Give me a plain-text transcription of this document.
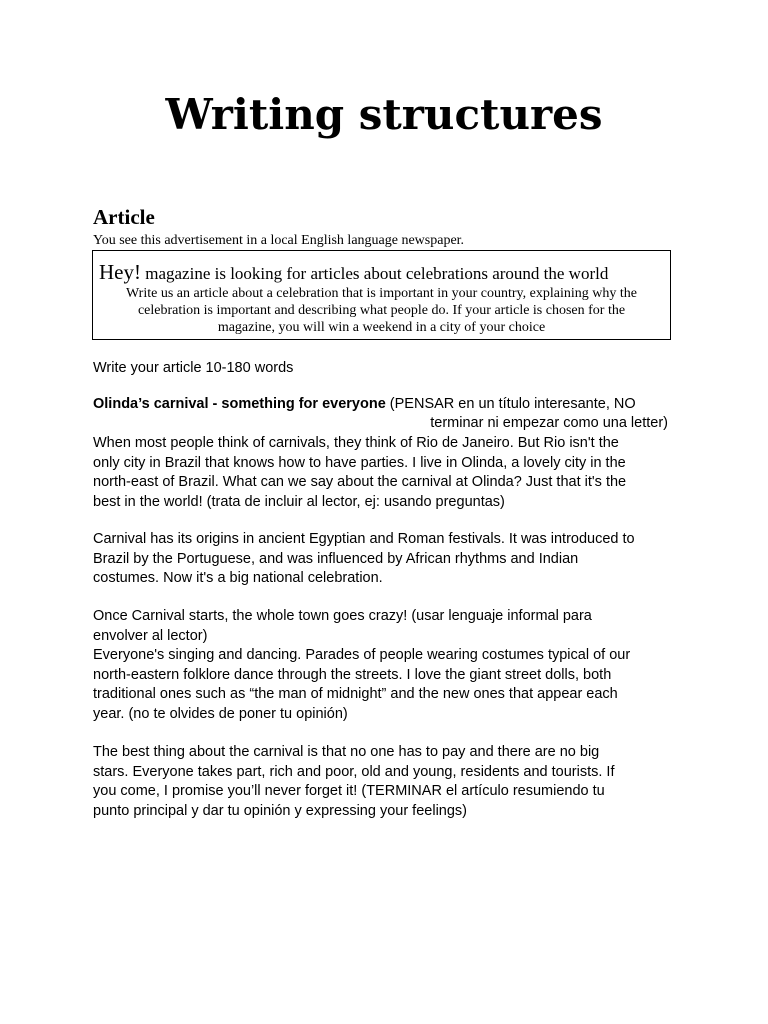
Writing structures
Article

You see this advertisement in a local English language newspaper.

Hey! magazine is looking for articles about celebrations around the world
Write us an article about a celebration that is important in your country, explaining why the
celebration is important and describing what people do. If your article is chosen for the
magazine, you will win a weekend in a city of your choice

Write your article 10-180 words

Olinda’s carnival - something for everyone (PENSAR en un título interesante, NO

terminar ni empezar como una letter)

When most people think of carnivals, they think of Rio de Janeiro. But Rio isn't the
only city in Brazil that knows how to have parties. I live in Olinda, a lovely city in the
north-east of Brazil. What can we say about the carnival at Olinda? Just that it's the
best in the world! (trata de incluir al lector, ej: usando preguntas)

Carnival has its origins in ancient Egyptian and Roman festivals. It was introduced to
Brazil by the Portuguese, and was influenced by African rhythms and Indian
costumes. Now it's a big national celebration.

Once Carnival starts, the whole town goes crazy! (usar lenguaje informal para
envolver al lector)
Everyone's singing and dancing. Parades of people wearing costumes typical of our
north-eastern folklore dance through the streets. I love the giant street dolls, both
traditional ones such as “the man of midnight” and the new ones that appear each
year. (no te olvides de poner tu opinión)

The best thing about the carnival is that no one has to pay and there are no big
stars. Everyone takes part, rich and poor, old and young, residents and tourists. If
you come, I promise you’ll never forget it! (TERMINAR el artículo resumiendo tu
punto principal y dar tu opinión y expressing your feelings)
